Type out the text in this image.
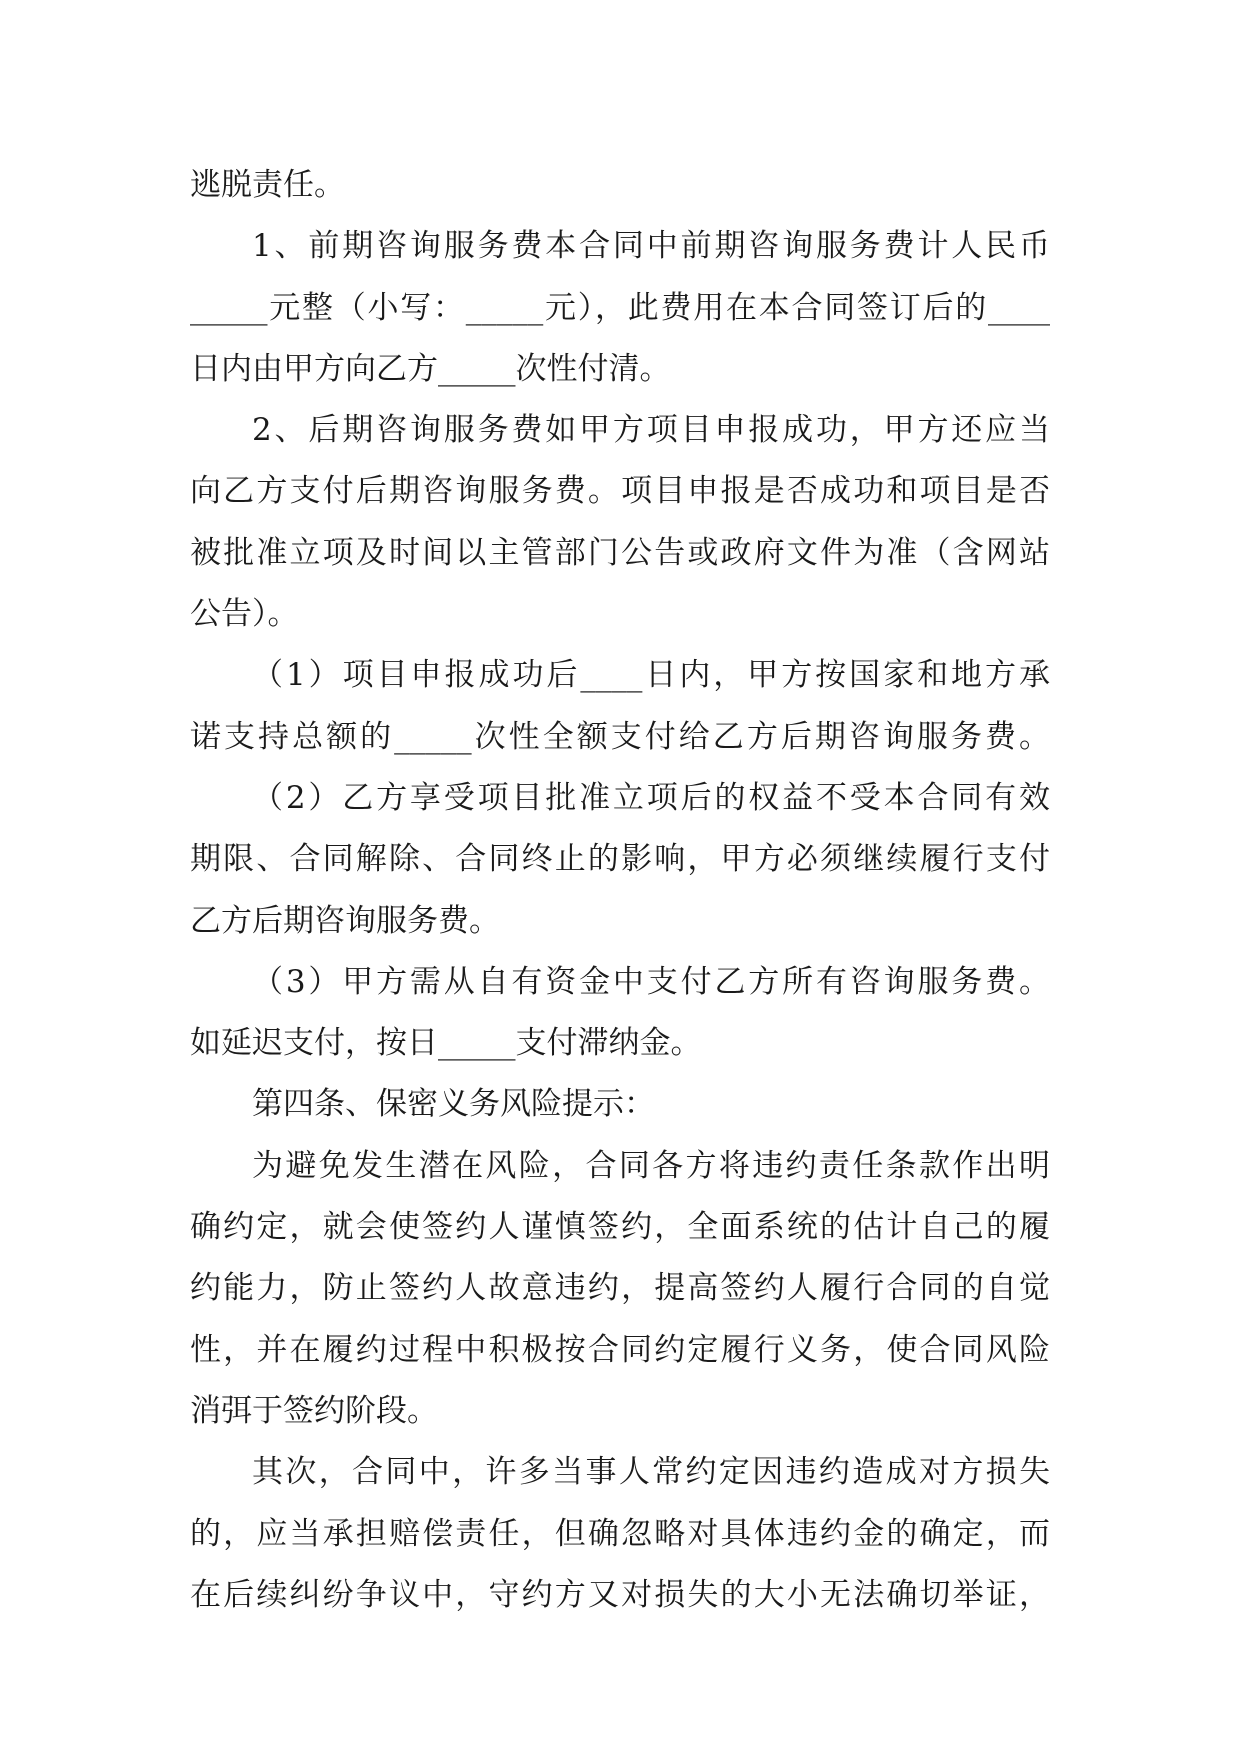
逃脱责任。
1、前期咨询服务费本合同中前期咨询服务费计人民币
_____元整（小写：_____元），此费用在本合同签订后的____
日内由甲方向乙方_____次性付清。
2、后期咨询服务费如甲方项目申报成功，甲方还应当
向乙方支付后期咨询服务费。项目申报是否成功和项目是否
被批准立项及时间以主管部门公告或政府文件为准（含网站
公告）。
（1）项目申报成功后____日内，甲方按国家和地方承
诺支持总额的_____次性全额支付给乙方后期咨询服务费。
（2）乙方享受项目批准立项后的权益不受本合同有效
期限、合同解除、合同终止的影响，甲方必须继续履行支付
乙方后期咨询服务费。
（3）甲方需从自有资金中支付乙方所有咨询服务费。
如延迟支付，按日_____支付滞纳金。
第四条、保密义务风险提示：
为避免发生潜在风险，合同各方将违约责任条款作出明
确约定，就会使签约人谨慎签约，全面系统的估计自己的履
约能力，防止签约人故意违约，提高签约人履行合同的自觉
性，并在履约过程中积极按合同约定履行义务，使合同风险
消弭于签约阶段。
其次，合同中，许多当事人常约定因违约造成对方损失
的，应当承担赔偿责任，但确忽略对具体违约金的确定，而
在后续纠纷争议中，守约方又对损失的大小无法确切举证，
